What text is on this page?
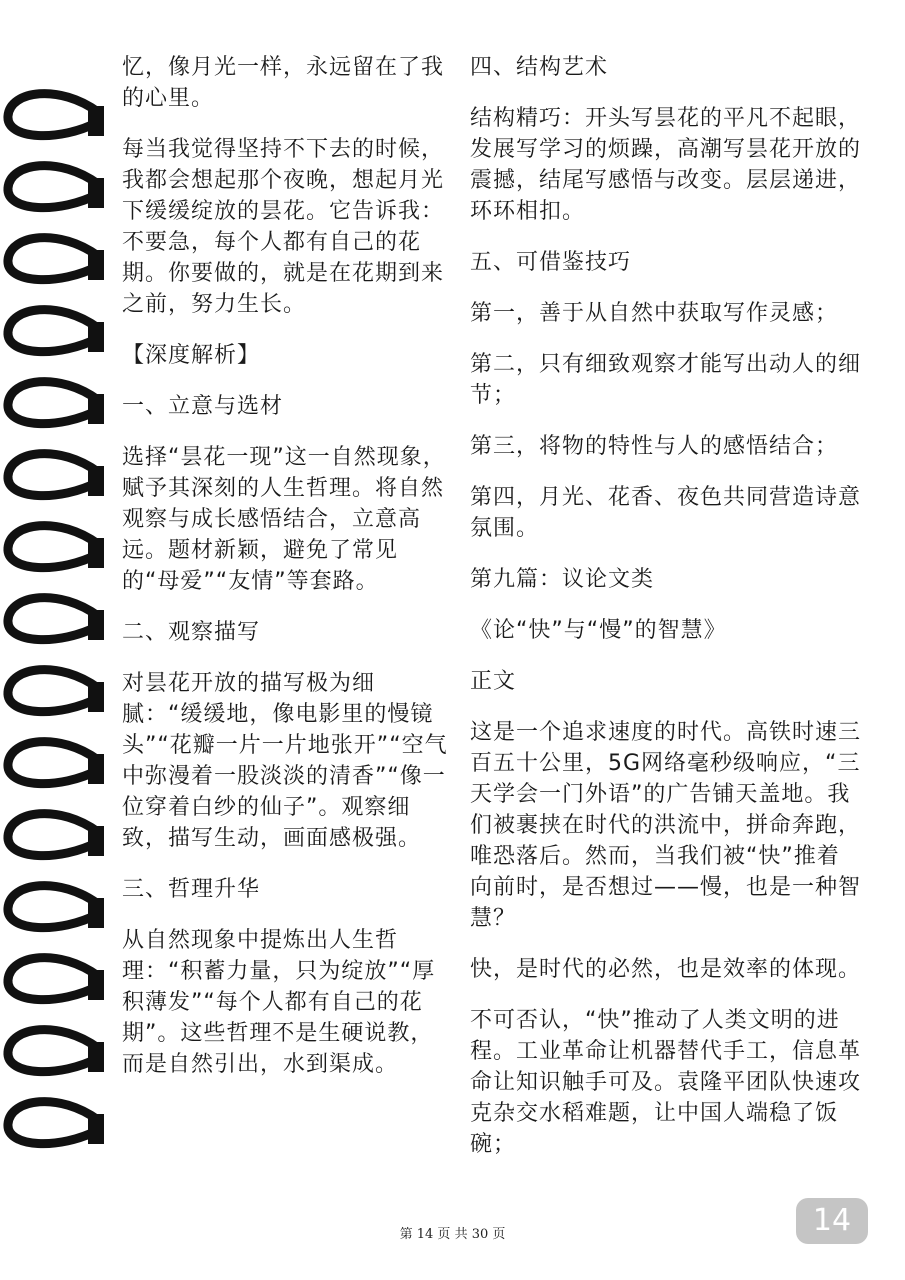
忆，像月光一样，永远留在了我的心里。

每当我觉得坚持不下去的时候，我都会想起那个夜晚，想起月光下缓缓绽放的昙花。它告诉我：不要急，每个人都有自己的花期。你要做的，就是在花期到来之前，努力生长。

【深度解析】

一、立意与选材

选择“昙花一现”这一自然现象，赋予其深刻的人生哲理。将自然观察与成长感悟结合，立意高远。题材新颖，避免了常见的“母爱”“友情”等套路。

二、观察描写

对昙花开放的描写极为细腻：“缓缓地，像电影里的慢镜头”“花瓣一片一片地张开”“空气中弥漫着一股淡淡的清香”“像一位穿着白纱的仙子”。观察细致，描写生动，画面感极强。

三、哲理升华

从自然现象中提炼出人生哲理：“积蓄力量，只为绽放”“厚积薄发”“每个人都有自己的花期”。这些哲理不是生硬说教，而是自然引出，水到渠成。

四、结构艺术

结构精巧：开头写昙花的平凡不起眼，发展写学习的烦躁，高潮写昙花开放的震撼，结尾写感悟与改变。层层递进，环环相扣。

五、可借鉴技巧

第一，善于从自然中获取写作灵感；

第二，只有细致观察才能写出动人的细节；

第三，将物的特性与人的感悟结合；

第四，月光、花香、夜色共同营造诗意氛围。

第九篇：议论文类

《论“快”与“慢”的智慧》

正文

这是一个追求速度的时代。高铁时速三百五十公里，5G网络毫秒级响应，“三天学会一门外语”的广告铺天盖地。我们被裹挟在时代的洪流中，拼命奔跑，唯恐落后。然而，当我们被“快”推着向前时，是否想过——慢，也是一种智慧？

快，是时代的必然，也是效率的体现。

不可否认，“快”推动了人类文明的进程。工业革命让机器替代手工，信息革命让知识触手可及。袁隆平团队快速攻克杂交水稻难题，让中国人端稳了饭碗；

第 14 页 共 30 页	14
